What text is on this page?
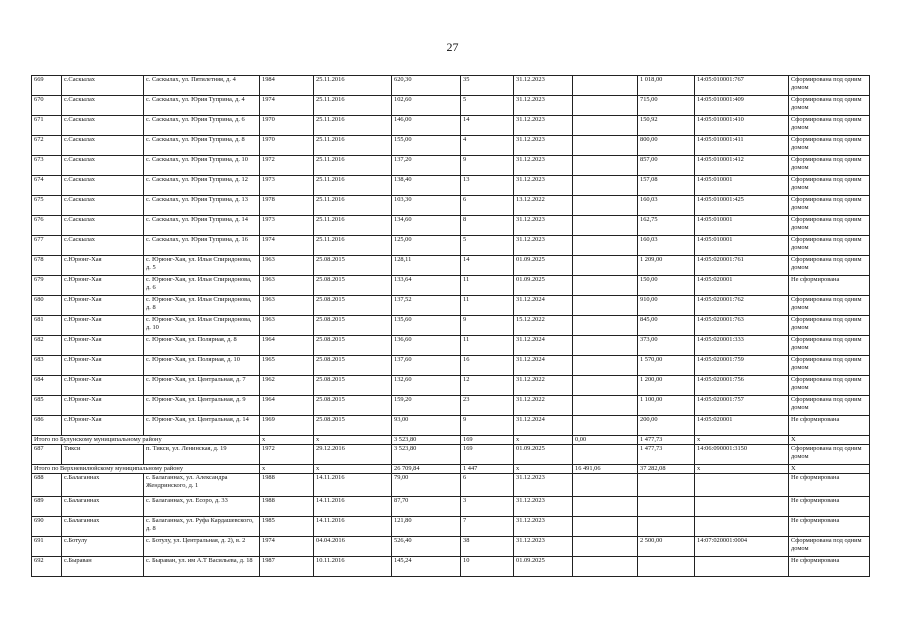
27
669	с.Саскылах	с. Саскылах, ул. Пятилетняя, д. 4	1984	25.11.2016	620,30	35	31.12.2023		1 018,00	14:05:010001:767	Сформирована под одним домом
670	с.Саскылах	с. Саскылах, ул. Юрия Туприна, д. 4	1974	25.11.2016	102,60	5	31.12.2023		715,00	14:05:010001:409	Сформирована под одним домом
671	с.Саскылах	с. Саскылах, ул. Юрия Туприна, д. 6	1970	25.11.2016	146,00	14	31.12.2023		150,92	14:05:010001:410	Сформирована под одним домом
672	с.Саскылах	с. Саскылах, ул. Юрия Туприна, д. 8	1970	25.11.2016	155,00	4	31.12.2023		800,00	14:05:010001:411	Сформирована под одним домом
673	с.Саскылах	с. Саскылах, ул. Юрия Туприна, д. 10	1972	25.11.2016	137,20	9	31.12.2023		857,00	14:05:010001:412	Сформирована под одним домом
674	с.Саскылах	с. Саскылах, ул. Юрия Туприна, д. 12	1973	25.11.2016	138,40	13	31.12.2023		157,08	14:05:010001	Сформирована под одним домом
675	с.Саскылах	с. Саскылах, ул. Юрия Туприна, д. 13	1978	25.11.2016	103,30	6	13.12.2022		160,03	14:05:010001:425	Сформирована под одним домом
676	с.Саскылах	с. Саскылах, ул. Юрия Туприна, д. 14	1973	25.11.2016	134,60	8	31.12.2023		162,75	14:05:010001	Сформирована под одним домом
677	с.Саскылах	с. Саскылах, ул. Юрия Туприна, д. 16	1974	25.11.2016	125,00	5	31.12.2023		160,03	14:05:010001	Сформирована под одним домом
678	с.Юрюнг-Хая	с. Юрюнг-Хая, ул. Ильи Спиридонова, д. 5	1963	25.08.2015	128,11	14	01.09.2025		1 209,00	14:05:020001:761	Сформирована под одним домом
679	с.Юрюнг-Хая	с. Юрюнг-Хая, ул. Ильи Спиридонова, д. 6	1963	25.08.2015	133,64	11	01.09.2025		150,00	14:05:020001	Не сформирована
680	с.Юрюнг-Хая	с. Юрюнг-Хая, ул. Ильи Спиридонова, д. 8	1963	25.08.2015	137,52	11	31.12.2024		910,00	14:05:020001:762	Сформирована под одним домом
681	с.Юрюнг-Хая	с. Юрюнг-Хая, ул. Ильи Спиридонова, д. 10	1963	25.08.2015	135,60	9	15.12.2022		845,00	14:05:020001:763	Сформирована под одним домом
682	с.Юрюнг-Хая	с. Юрюнг-Хая, ул. Полярная, д. 8	1964	25.08.2015	136,60	11	31.12.2024		373,00	14:05:020001:333	Сформирована под одним домом
683	с.Юрюнг-Хая	с. Юрюнг-Хая, ул. Полярная, д. 10	1965	25.08.2015	137,60	16	31.12.2024		1 570,00	14:05:020001:759	Сформирована под одним домом
684	с.Юрюнг-Хая	с. Юрюнг-Хая, ул. Центральная, д. 7	1962	25.08.2015	132,60	12	31.12.2022		1 200,00	14:05:020001:756	Сформирована под одним домом
685	с.Юрюнг-Хая	с. Юрюнг-Хая, ул. Центральная, д. 9	1964	25.08.2015	159,20	23	31.12.2022		1 100,00	14:05:020001:757	Сформирована под одним домом
686	с.Юрюнг-Хая	с. Юрюнг-Хая, ул. Центральная, д. 14	1969	25.08.2015	93,00	9	31.12.2024		200,00	14:05:020001	Не сформирована
Итого по Булунскому муниципальному району			х	х	3 523,80	169	х	0,00	1 477,73	х	Х
687	Тикси	п. Тикси, ул. Ленинская, д. 19	1972	29.12.2016	3 523,80	169	01.09.2025		1 477,73	14:06:090001:3150	Сформирована под одним домом
Итого по Верхневилюйскому муниципальному району			х	х	26 709,84	1 447	х	16 491,06	37 282,08	х	Х
688	с.Балаганнах	с. Балаганнах, ул. Александра Жендринского, д. 1	1988	14.11.2016	79,00	6	31.12.2023				Не сформирована
689	с.Балаганнах	с. Балаганнах, ул. Есоро, д. 33	1988	14.11.2016	87,70	3	31.12.2023				Не сформирована
690	с.Балаганнах	с. Балаганнах, ул. Руфа Кардашевского, д. 8	1985	14.11.2016	121,80	7	31.12.2023				Не сформирована
691	с.Ботулу	с. Ботулу, ул. Центральная, д. 2), в. 2	1974	04.04.2016	526,40	38	31.12.2023		2 500,00	14:07:020001:0004	Сформирована под одним домом
692	с.Быраван	с. Быраван, ул. им А.Т Васильева, д. 18	1987	10.11.2016	145,24	10	01.09.2025				Не сформирована
